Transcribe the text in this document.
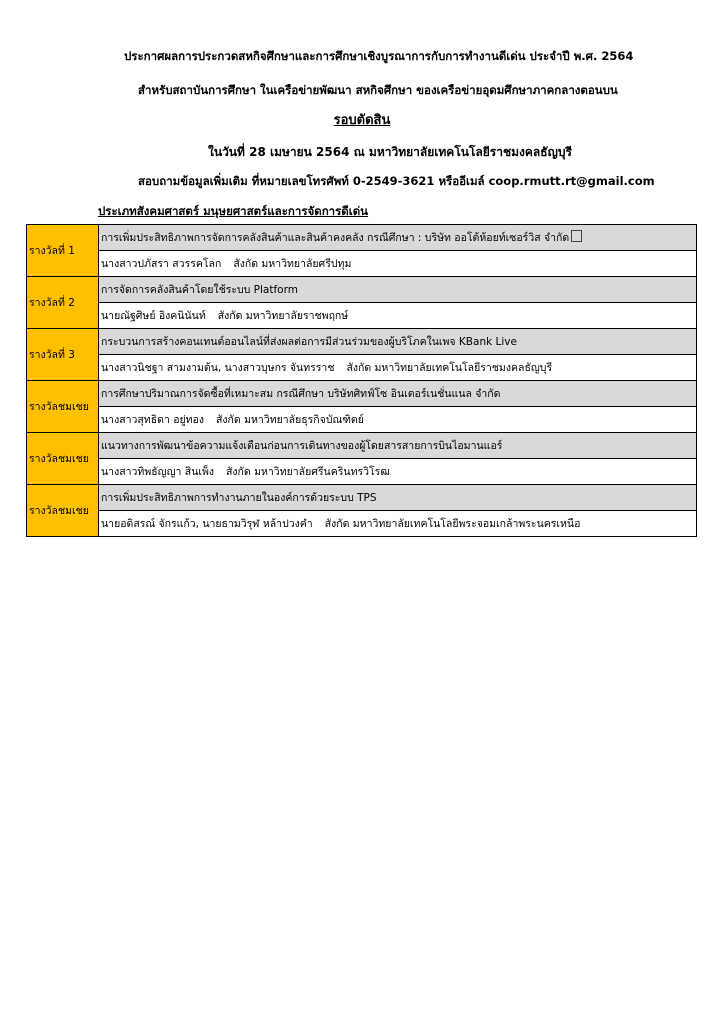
ประกาศผลการประกวดสหกิจศึกษาและการศึกษาเชิงบูรณาการกับการทำงานดีเด่น ประจำปี พ.ศ. 2564
สำหรับสถาบันการศึกษา ในเครือข่ายพัฒนา สหกิจศึกษา ของเครือข่ายอุดมศึกษาภาคกลางตอนบน
รอบตัดสิน
ในวันที่ 28 เมษายน 2564 ณ มหาวิทยาลัยเทคโนโลยีราชมงคลธัญบุรี
สอบถามข้อมูลเพิ่มเติม ที่หมายเลขโทรศัพท์ 0-2549-3621 หรืออีเมล์ coop.rmutt.rt@gmail.com
ประเภทสังคมศาสตร์ มนุษยศาสตร์และการจัดการดีเด่น
รางวัลที่ 1	การเพิ่มประสิทธิภาพการจัดการคลังสินค้าและสินค้าคงคลัง กรณีศึกษา : บริษัท ออโต้ห้อยท์เซอร์วิส จำกัด
	นางสาวปภัสรา สวรรคโลก สังกัด มหาวิทยาลัยศรีปทุม
รางวัลที่ 2	การจัดการคลังสินค้าโดยใช้ระบบ Platform
	นายณัฐศิษย์ อิงคนินันท์ สังกัด มหาวิทยาลัยราชพฤกษ์
รางวัลที่ 3	กระบวนการสร้างคอนเทนต์ออนไลน์ที่ส่งผลต่อการมีส่วนร่วมของผู้บริโภคในเพจ KBank Live
	นางสาวนิชฐา สามงามต้น, นางสาวบุษกร จันทรราช สังกัด มหาวิทยาลัยเทคโนโลยีราชมงคลธัญบุรี
รางวัลชมเชย	การศึกษาปริมาณการจัดซื้อที่เหมาะสม กรณีศึกษา บริษัทศิทฟ์โซ อินเตอร์เนชั่นแนล จำกัด
	นางสาวสุทธิดา อยู่ทอง สังกัด มหาวิทยาลัยธุรกิจบัณฑิตย์
รางวัลชมเชย	แนวทางการพัฒนาข้อความแจ้งเตือนก่อนการเดินทางของผู้โดยสารสายการบินไอมานแอร์
	นางสาวทิพธัญญา สินเพ็ง สังกัด มหาวิทยาลัยศรีนครินทรวิโรฒ
รางวัลชมเชย	การเพิ่มประสิทธิภาพการทำงานภายในองค์การด้วยระบบ TPS
	นายอดิสรณ์ จักรแก้ว, นายธามวิรุฬ หล้าปวงคำ สังกัด มหาวิทยาลัยเทคโนโลยีพระจอมเกล้าพระนครเหนือ
